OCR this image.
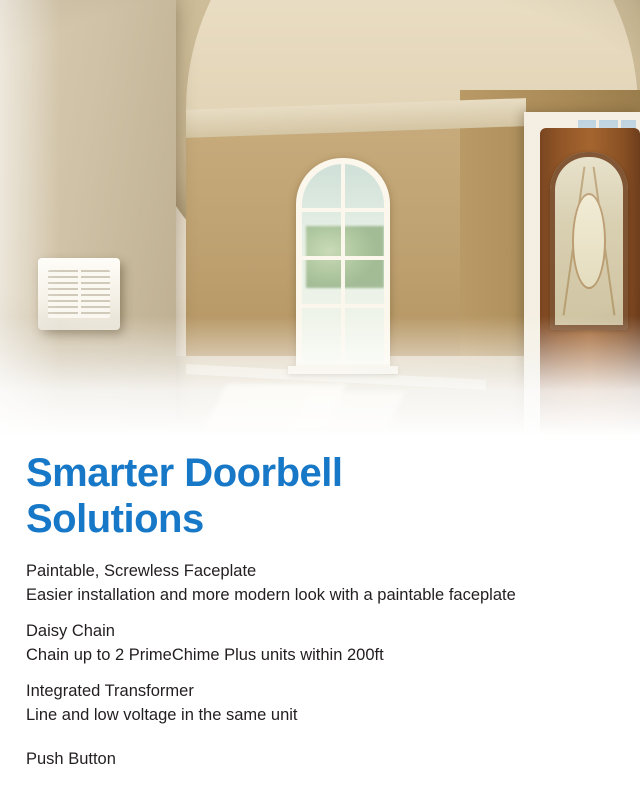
Smarter Doorbell Solutions

Paintable, Screwless Faceplate

Easier installation and more modern look with a paintable faceplate

Daisy Chain

Chain up to 2 PrimeChime Plus units within 200ft

Integrated Transformer

Line and low voltage in the same unit

Push Button
